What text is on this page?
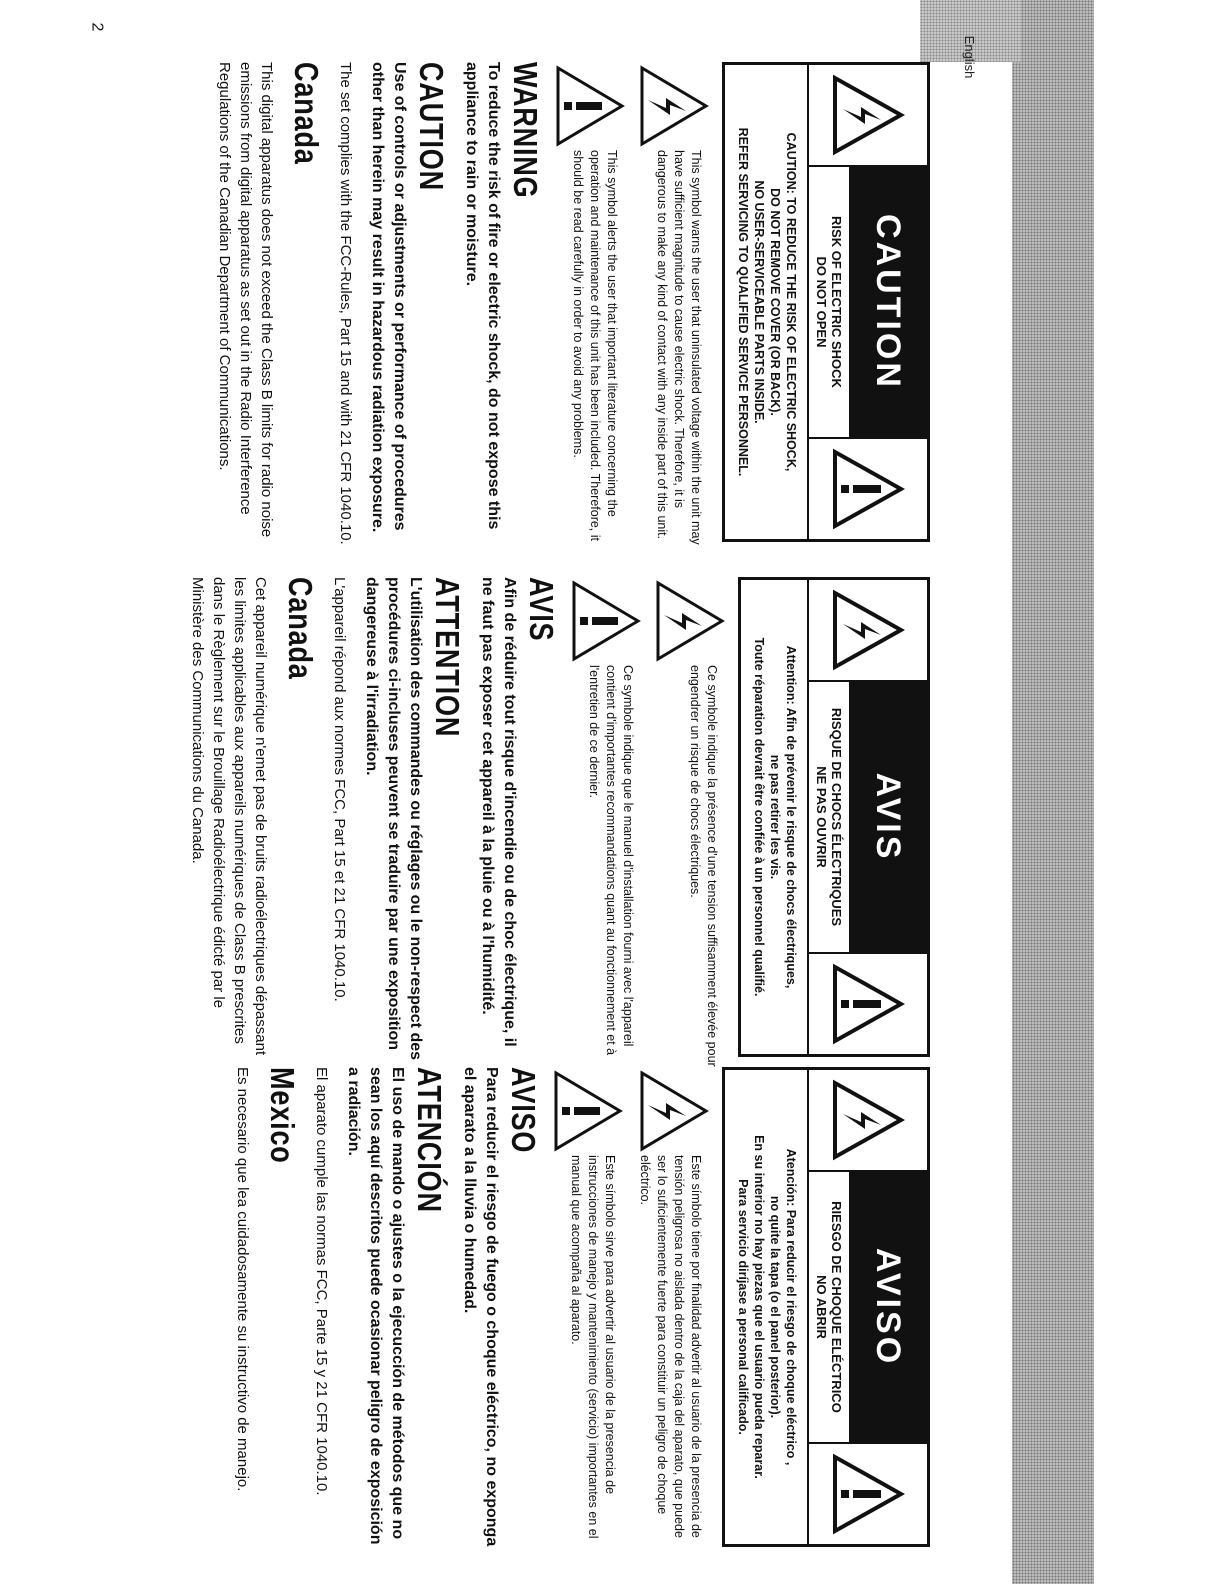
2
English
CAUTION
RISK OF ELECTRIC SHOCK
DO NOT OPEN
CAUTION: TO REDUCE THE RISK OF ELECTRIC SHOCK,
DO NOT REMOVE COVER (OR BACK).
NO USER-SERVICEABLE PARTS INSIDE.
REFER SERVICING TO QUALIFIED SERVICE PERSONNEL.
This symbol warns the user that uninsulated voltage within the unit may have sufficient magnitude to cause electric shock. Therefore, it is dangerous to make any kind of contact with any inside part of this unit.
This symbol alerts the user that important literature concerning the operation and maintenance of this unit has been included. Therefore, it should be read carefully in order to avoid any problems.
WARNING
To reduce the risk of fire or electric shock, do not expose this appliance to rain or moisture.
CAUTION
Use of controls or adjustments or performance of procedures other than herein may result in hazardous radiation exposure.
The set complies with the FCC-Rules, Part 15 and with 21 CFR 1040.10.
Canada
This digital apparatus does not exceed the Class B limits for radio noise emissions from digital apparatus as set out in the Radio Interference Regulations of the Canadian Department of Communications.
AVIS
RISQUE DE CHOCS ÉLECTRIQUES
NE PAS OUVRIR
Attention: Afin de prévenir le risque de chocs électriques,
ne pas retirer les vis.
Toute réparation devrait être confiée à un personnel qualifié.
Ce symbole indique la présence d'une tension suffisamment élevée pour engendrer un risque de chocs électriques.
Ce symbole indique que le manuel d'installation fourni avec l'appareil contient d'importantes recommandations quant au fonctionnement et à l'entretien de ce dernier.
AVIS
Afin de réduire tout risque d'incendie ou de choc électrique, il ne faut pas exposer cet appareil à la pluie ou à l'humidité.
ATTENTION
L'utilisation des commandes ou réglages ou le non-respect des procédures ci-incluses peuvent se traduire par une exposition dangereuse à l'irradiation.
L'appareil répond aux normes FCC, Part 15 et 21 CFR 1040.10.
Canada
Cet appareil numérique n'emet pas de bruits radioélectriques dépassant les limites applicables aux appareils numériques de Class B prescrites dans le Règlement sur le Brouillage Radioélectrique édicté par le Ministère des Communications du Canada.
AVISO
RIESGO DE CHOQUE ELÉCTRICO
NO ABRIR
Atención: Para reducir el riesgo de choque eléctrico ,
no quite la tapa (o el panel posterior).
En su interior no hay piezas que el usuario pueda reparar.
Para servicio diríjase a personal calificado.
Este símbolo tiene por finalidad advertir al usuario de la presencia de tensión peligrosa no aislada dentro de la caja del aparato, que puede ser lo suficientemente fuerte para constituir un peligro de choque eléctrico.
Este símbolo sirve para advertir al usuario de la presencia de instrucciones de manejo y mantenimiento (servicio) importantes en el manual que acompaña al aparato.
AVISO
Para reducir el riesgo de fuego o choque eléctrico, no exponga el aparato a la lluvia o humedad.
ATENCIÓN
El uso de mando o ajustes o la ejecucción de métodos que no sean los aquí descritos puede ocasionar peligro de exposición a radiación.
El aparato cumple las normas FCC, Parte 15 y 21 CFR 1040.10.
Mexico
Es necesario que lea cuidadosamente su instructivo de manejo.
